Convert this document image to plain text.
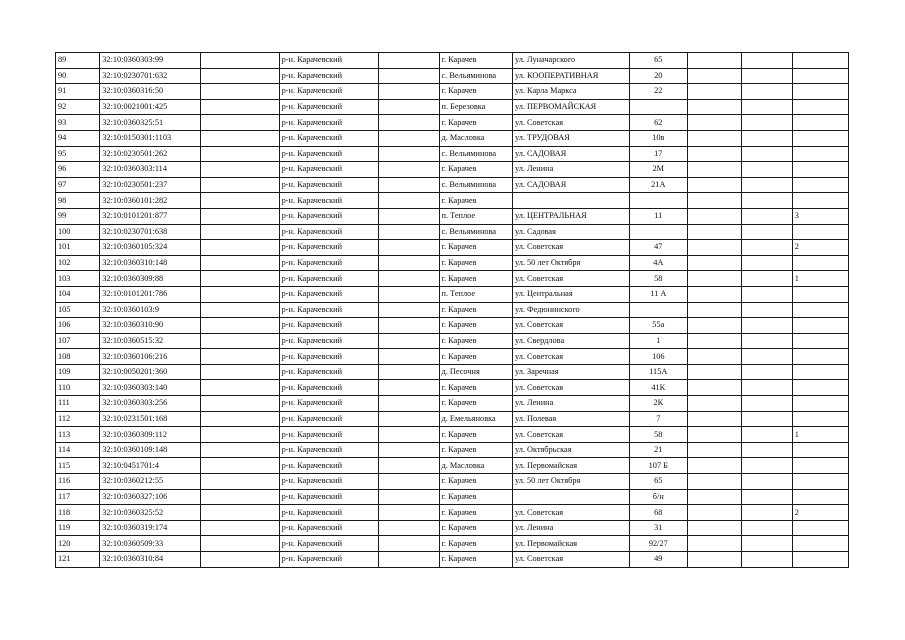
89	32:10:0360303:99		р-н. Карачевский		г. Карачев	ул. Луначарского	65			
90	32:10:0230701:632		р-н. Карачевский		с. Вельяминова	ул. КООПЕРАТИВНАЯ	20			
91	32:10:0360316:50		р-н. Карачевский		г. Карачев	ул. Карла Маркса	22			
92	32:10:0021001:425		р-н. Карачевский		п. Березовка	ул. ПЕРВОМАЙСКАЯ				
93	32:10:0360325:51		р-н. Карачевский		г. Карачев	ул. Советская	62			
94	32:10:0150301:1103		р-н. Карачевский		д. Масловка	ул. ТРУДОВАЯ	10в			
95	32:10:0230501:262		р-н. Карачевский		с. Вельяминова	ул. САДОВАЯ	17			
96	32:10:0360303:114		р-н. Карачевский		г. Карачев	ул. Ленина	2М			
97	32:10:0230501:237		р-н. Карачевский		с. Вельяминова	ул. САДОВАЯ	21А			
98	32:10:0360101:282		р-н. Карачевский		г. Карачев					
99	32:10:0101201:877		р-н. Карачевский		п. Теплое	ул. ЦЕНТРАЛЬНАЯ	11			3
100	32:10:0230701:638		р-н. Карачевский		с. Вельяминова	ул. Садовая				
101	32:10:0360105:324		р-н. Карачевский		г. Карачев	ул. Советская	47			2
102	32:10:0360310:148		р-н. Карачевский		г. Карачев	ул. 50 лет Октября	4А			
103	32:10:0360309:88		р-н. Карачевский		г. Карачев	ул. Советская	58			1
104	32:10:0101201:786		р-н. Карачевский		п. Теплое	ул. Центральная	11 А			
105	32:10:0360103:9		р-н. Карачевский		г. Карачев	ул. Федюнинского				
106	32:10:0360310:90		р-н. Карачевский		г. Карачев	ул. Советская	55а			
107	32:10:0360515:32		р-н. Карачевский		г. Карачев	ул. Свердлова	1			
108	32:10:0360106:216		р-н. Карачевский		г. Карачев	ул. Советская	106			
109	32:10:0050201:360		р-н. Карачевский		д. Песочня	ул. Заречная	115А			
110	32:10:0360303:140		р-н. Карачевский		г. Карачев	ул. Советская	41К			
111	32:10:0360303:256		р-н. Карачевский		г. Карачев	ул. Ленина	2К			
112	32:10:0231501:168		р-н. Карачевский		д. Емельяновка	ул. Полевая	7			
113	32:10:0360309:112		р-н. Карачевский		г. Карачев	ул. Советская	58			1
114	32:10:0360109:148		р-н. Карачевский		г. Карачев	ул. Октябрьская	21			
115	32:10:0451701:4		р-н. Карачевский		д. Масловка	ул. Первомайская	107 Б			
116	32:10:0360212:55		р-н. Карачевский		г. Карачев	ул. 50 лет Октября	65			
117	32:10:0360327:106		р-н. Карачевский		г. Карачев		б/н			
118	32:10:0360325:52		р-н. Карачевский		г. Карачев	ул. Советская	68			2
119	32:10:0360319:174		р-н. Карачевский		г. Карачев	ул. Ленина	31			
120	32:10:0360509:33		р-н. Карачевский		г. Карачев	ул. Первомайская	92/27			
121	32:10:0360310:84		р-н. Карачевский		г. Карачев	ул. Советская	49			
